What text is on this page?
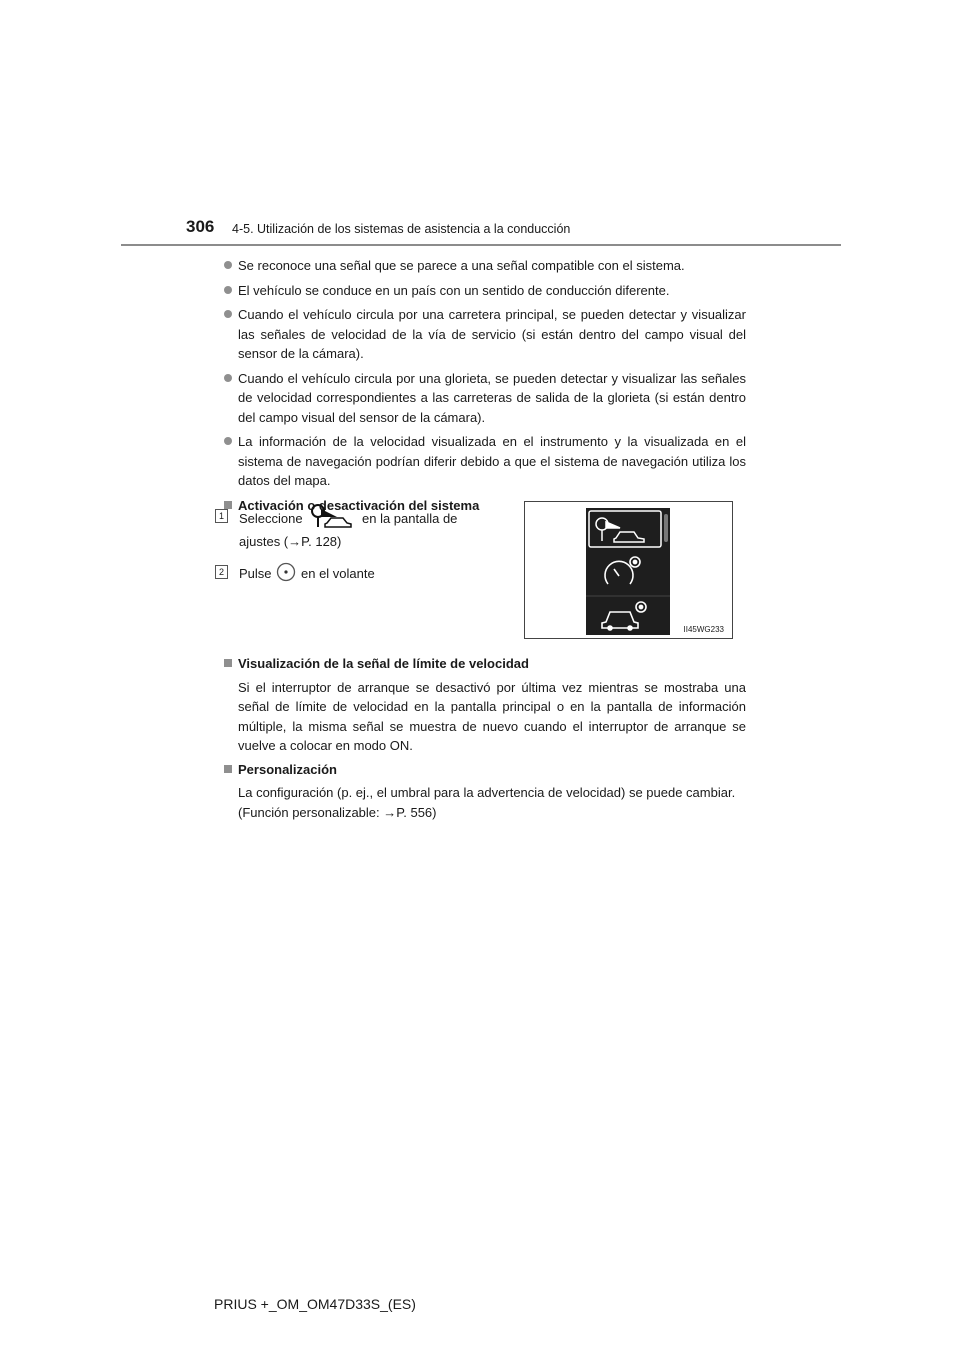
306 4-5. Utilización de los sistemas de asistencia a la conducción
Se reconoce una señal que se parece a una señal compatible con el sistema.
El vehículo se conduce en un país con un sentido de conducción diferente.
Cuando el vehículo circula por una carretera principal, se pueden detectar y visualizar las señales de velocidad de la vía de servicio (si están dentro del campo visual del sensor de la cámara).
Cuando el vehículo circula por una glorieta, se pueden detectar y visualizar las señales de velocidad correspondientes a las carreteras de salida de la glorieta (si están dentro del campo visual del sensor de la cámara).
La información de la velocidad visualizada en el instrumento y la visualizada en el sistema de navegación podrían diferir debido a que el sistema de navegación utiliza los datos del mapa.
Activación o desactivación del sistema
1	Seleccione	en la pantalla de
ajustes (→P. 128)
2	Pulse en el volante
II45WG233
Visualización de la señal de límite de velocidad
Si el interruptor de arranque se desactivó por última vez mientras se mostraba una señal de límite de velocidad en la pantalla principal o en la pantalla de información múltiple, la misma señal se muestra de nuevo cuando el interruptor de arranque se vuelve a colocar en modo ON.
Personalización
La configuración (p. ej., el umbral para la advertencia de velocidad) se puede cambiar.
(Función personalizable: →P. 556)
PRIUS +_OM_OM47D33S_(ES)
